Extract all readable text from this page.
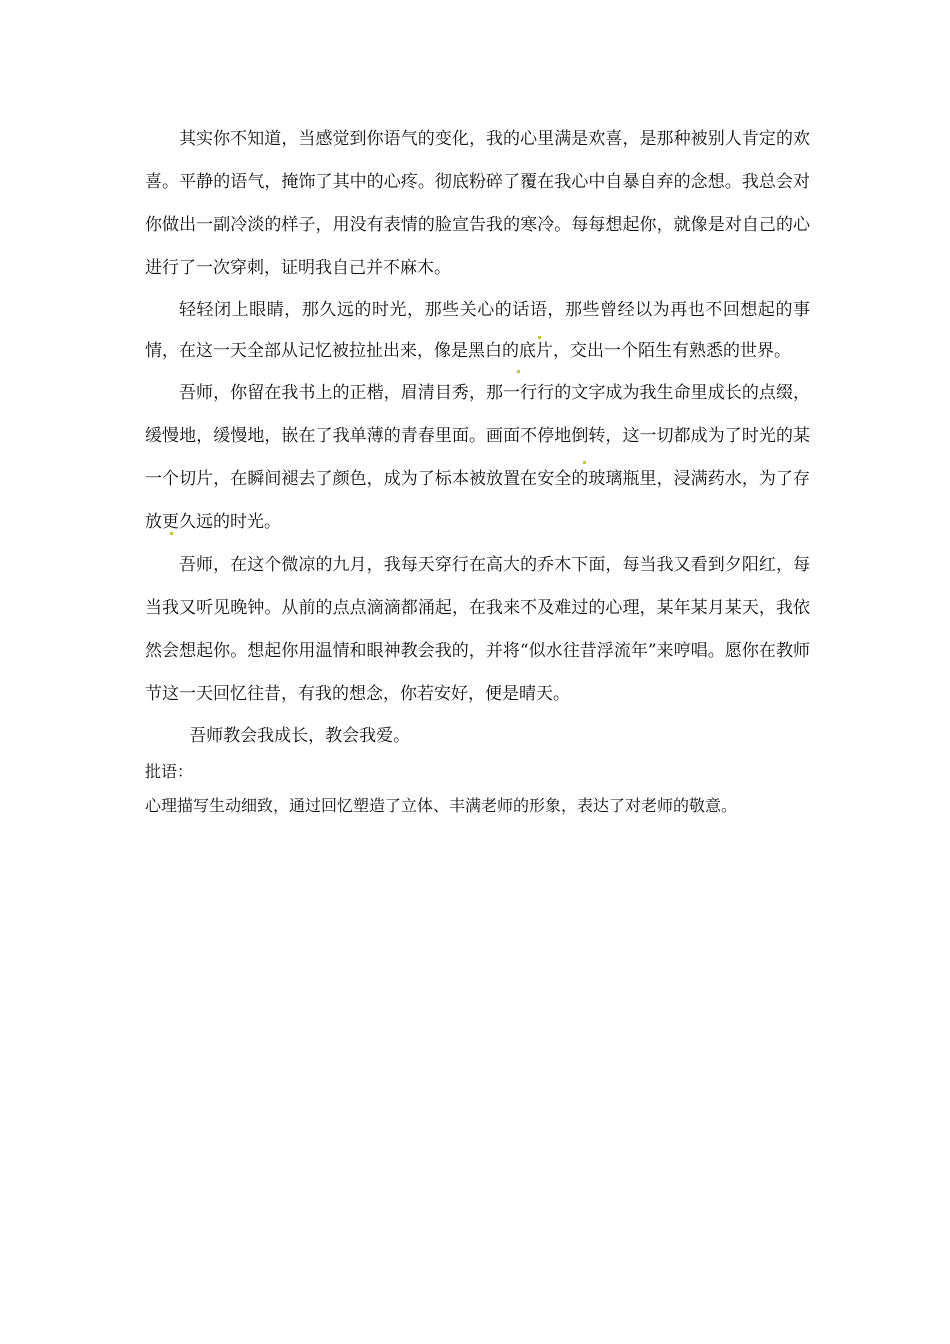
其实你不知道，当感觉到你语气的变化，我的心里满是欢喜，是那种被别人肯定的欢喜。平静的语气，掩饰了其中的心疼。彻底粉碎了覆在我心中自暴自弃的念想。我总会对你做出一副冷淡的样子，用没有表情的脸宣告我的寒冷。每每想起你，就像是对自己的心进行了一次穿刺，证明我自己并不麻木。

轻轻闭上眼睛，那久远的时光，那些关心的话语，那些曾经以为再也不回想起的事情，在这一天全部从记忆被拉扯出来，像是黑白的底片，交出一个陌生有熟悉的世界。

吾师，你留在我书上的正楷，眉清目秀，那一行行的文字成为我生命里成长的点缀，缓慢地，缓慢地，嵌在了我单薄的青春里面。画面不停地倒转，这一切都成为了时光的某一个切片，在瞬间褪去了颜色，成为了标本被放置在安全的玻璃瓶里，浸满药水，为了存放更久远的时光。

吾师，在这个微凉的九月，我每天穿行在高大的乔木下面，每当我又看到夕阳红，每当我又听见晚钟。从前的点点滴滴都涌起，在我来不及难过的心理，某年某月某天，我依然会想起你。想起你用温情和眼神教会我的，并将“似水往昔浮流年”来哼唱。愿你在教师节这一天回忆往昔，有我的想念，你若安好，便是晴天。

吾师教会我成长，教会我爱。

批语：

心理描写生动细致，通过回忆塑造了立体、丰满老师的形象，表达了对老师的敬意。
